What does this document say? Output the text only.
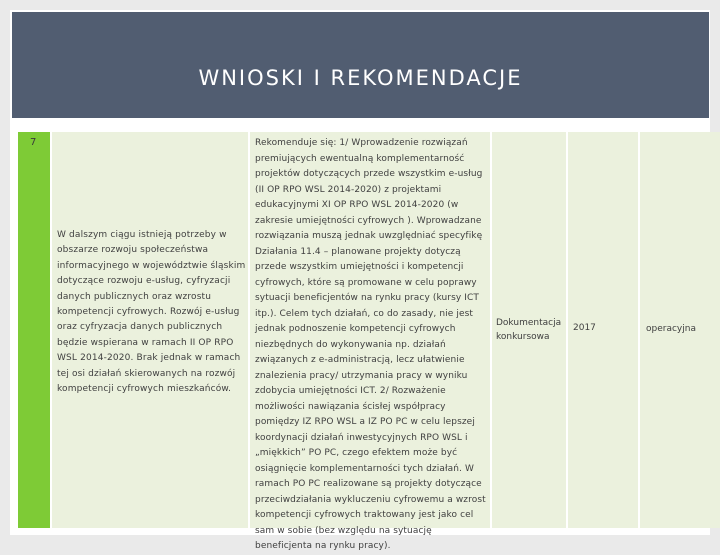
WNIOSKI I REKOMENDACJE
7
W dalszym ciągu istnieją potrzeby w obszarze rozwoju społeczeństwa informacyjnego w województwie śląskim dotyczące rozwoju e-usług, cyfryzacji danych publicznych oraz wzrostu kompetencji cyfrowych. Rozwój e-usług oraz cyfryzacja danych publicznych będzie wspierana w ramach II OP RPO WSL 2014-2020. Brak jednak w ramach tej osi działań skierowanych na rozwój kompetencji cyfrowych mieszkańców.
Rekomenduje się: 1/ Wprowadzenie rozwiązań premiujących ewentualną komplementarność projektów dotyczących przede wszystkim e-usług (II OP RPO WSL 2014-2020) z projektami edukacyjnymi XI OP RPO WSL 2014-2020 (w zakresie umiejętności cyfrowych ). Wprowadzane rozwiązania muszą jednak uwzględniać specyfikę Działania 11.4 – planowane projekty dotyczą przede wszystkim umiejętności i kompetencji cyfrowych, które są promowane w celu poprawy sytuacji beneficjentów na rynku pracy (kursy ICT itp.). Celem tych działań, co do zasady, nie jest jednak podnoszenie kompetencji cyfrowych niezbędnych do wykonywania np. działań związanych z e-administracją, lecz ułatwienie znalezienia pracy/ utrzymania pracy w wyniku zdobycia umiejętności ICT. 2/ Rozważenie możliwości nawiązania ścisłej współpracy pomiędzy IZ RPO WSL a IZ PO PC w celu lepszej koordynacji działań inwestycyjnych RPO WSL i „miękkich” PO PC, czego efektem może być osiągnięcie komplementarności tych działań. W ramach PO PC realizowane są projekty dotyczące przeciwdziałania wykluczeniu cyfrowemu a wzrost kompetencji cyfrowych traktowany jest jako cel sam w sobie (bez względu na sytuację beneficjenta na rynku pracy).
Dokumentacja konkursowa
2017	operacyjna
